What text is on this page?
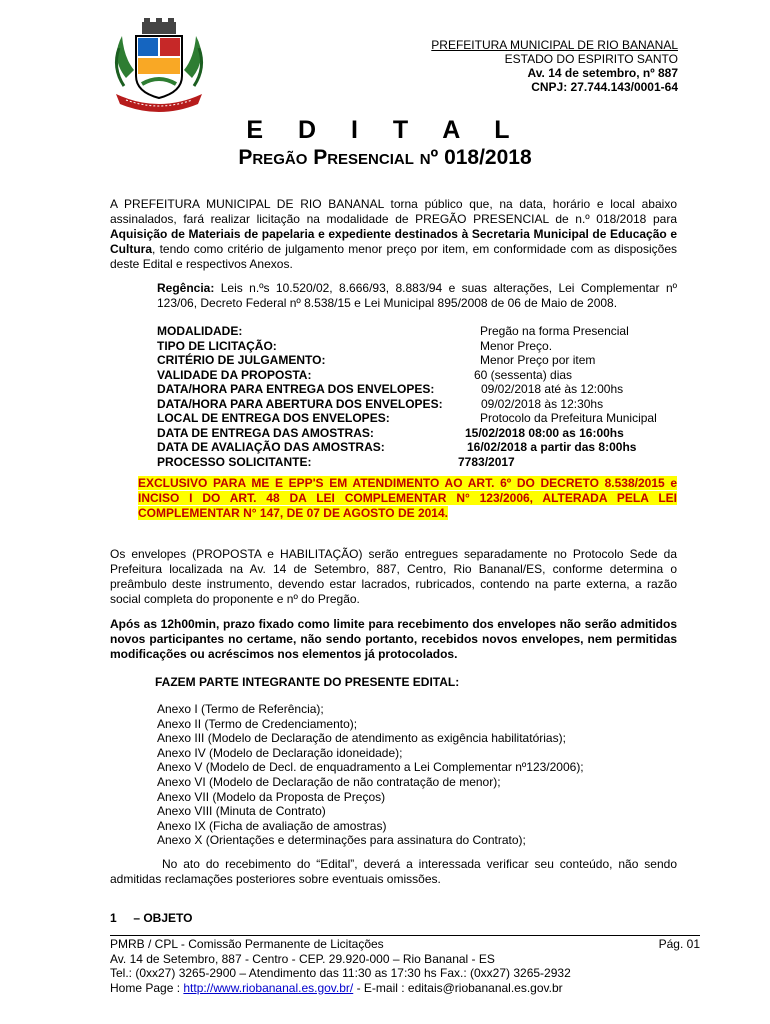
PREFEITURA MUNICIPAL DE RIO BANANAL
ESTADO DO ESPIRITO SANTO
Av. 14 de setembro, nº 887
CNPJ: 27.744.143/0001-64
E D I T A L
Pregão Presencial nº 018/2018
A PREFEITURA MUNICIPAL DE RIO BANANAL torna público que, na data, horário e local abaixo assinalados, fará realizar licitação na modalidade de PREGÃO PRESENCIAL de n.º 018/2018 para Aquisição de Materiais de papelaria e expediente destinados à Secretaria Municipal de Educação e Cultura, tendo como critério de julgamento menor preço por item, em conformidade com as disposições deste Edital e respectivos Anexos.
Regência: Leis n.ºs 10.520/02, 8.666/93, 8.883/94 e suas alterações, Lei Complementar nº 123/06, Decreto Federal nº 8.538/15 e Lei Municipal 895/2008 de 06 de Maio de 2008.
MODALIDADE:	Pregão na forma Presencial
TIPO DE LICITAÇÃO:	Menor Preço.
CRITÉRIO DE JULGAMENTO:	Menor Preço por item
VALIDADE DA PROPOSTA:	60 (sessenta) dias
DATA/HORA PARA ENTREGA DOS ENVELOPES:	09/02/2018 até às 12:00hs
DATA/HORA PARA ABERTURA DOS ENVELOPES:	09/02/2018 às 12:30hs
LOCAL DE ENTREGA DOS ENVELOPES:	Protocolo da Prefeitura Municipal
DATA DE ENTREGA DAS AMOSTRAS:	15/02/2018 08:00 as 16:00hs
DATA DE AVALIAÇÃO DAS AMOSTRAS:	16/02/2018 a partir das 8:00hs
PROCESSO SOLICITANTE:	7783/2017
EXCLUSIVO PARA ME E EPP'S EM ATENDIMENTO AO ART. 6º DO DECRETO 8.538/2015 e INCISO I DO ART. 48 DA LEI COMPLEMENTAR N° 123/2006, ALTERADA PELA LEI COMPLEMENTAR N° 147, DE 07 DE AGOSTO DE 2014.
Os envelopes (PROPOSTA e HABILITAÇÃO) serão entregues separadamente no Protocolo Sede da Prefeitura localizada na Av. 14 de Setembro, 887, Centro, Rio Bananal/ES, conforme determina o preâmbulo deste instrumento, devendo estar lacrados, rubricados, contendo na parte externa, a razão social completa do proponente e nº do Pregão.
Após as 12h00min, prazo fixado como limite para recebimento dos envelopes não serão admitidos novos participantes no certame, não sendo portanto, recebidos novos envelopes, nem permitidas modificações ou acréscimos nos elementos já protocolados.
FAZEM PARTE INTEGRANTE DO PRESENTE EDITAL:
Anexo I (Termo de Referência);
Anexo II (Termo de Credenciamento);
Anexo III (Modelo de Declaração de atendimento as exigência habilitatórias);
Anexo IV (Modelo de Declaração idoneidade);
Anexo V (Modelo de Decl. de enquadramento a Lei Complementar nº123/2006);
Anexo VI (Modelo de Declaração de não contratação de menor);
Anexo VII (Modelo da Proposta de Preços)
Anexo VIII (Minuta de Contrato)
Anexo IX (Ficha de avaliação de amostras)
Anexo X (Orientações e determinações para assinatura do Contrato);
No ato do recebimento do “Edital”, deverá a interessada verificar seu conteúdo, não sendo admitidas reclamações posteriores sobre eventuais omissões.
1     – OBJETO
PMRB / CPL - Comissão Permanente de Licitações	Pág. 01
Av. 14 de Setembro, 887 - Centro - CEP. 29.920-000 – Rio Bananal - ES
Tel.: (0xx27) 3265-2900 – Atendimento das 11:30 as 17:30 hs Fax.: (0xx27) 3265-2932
Home Page : http://www.riobananal.es.gov.br/ - E-mail : editais@riobananal.es.gov.br
